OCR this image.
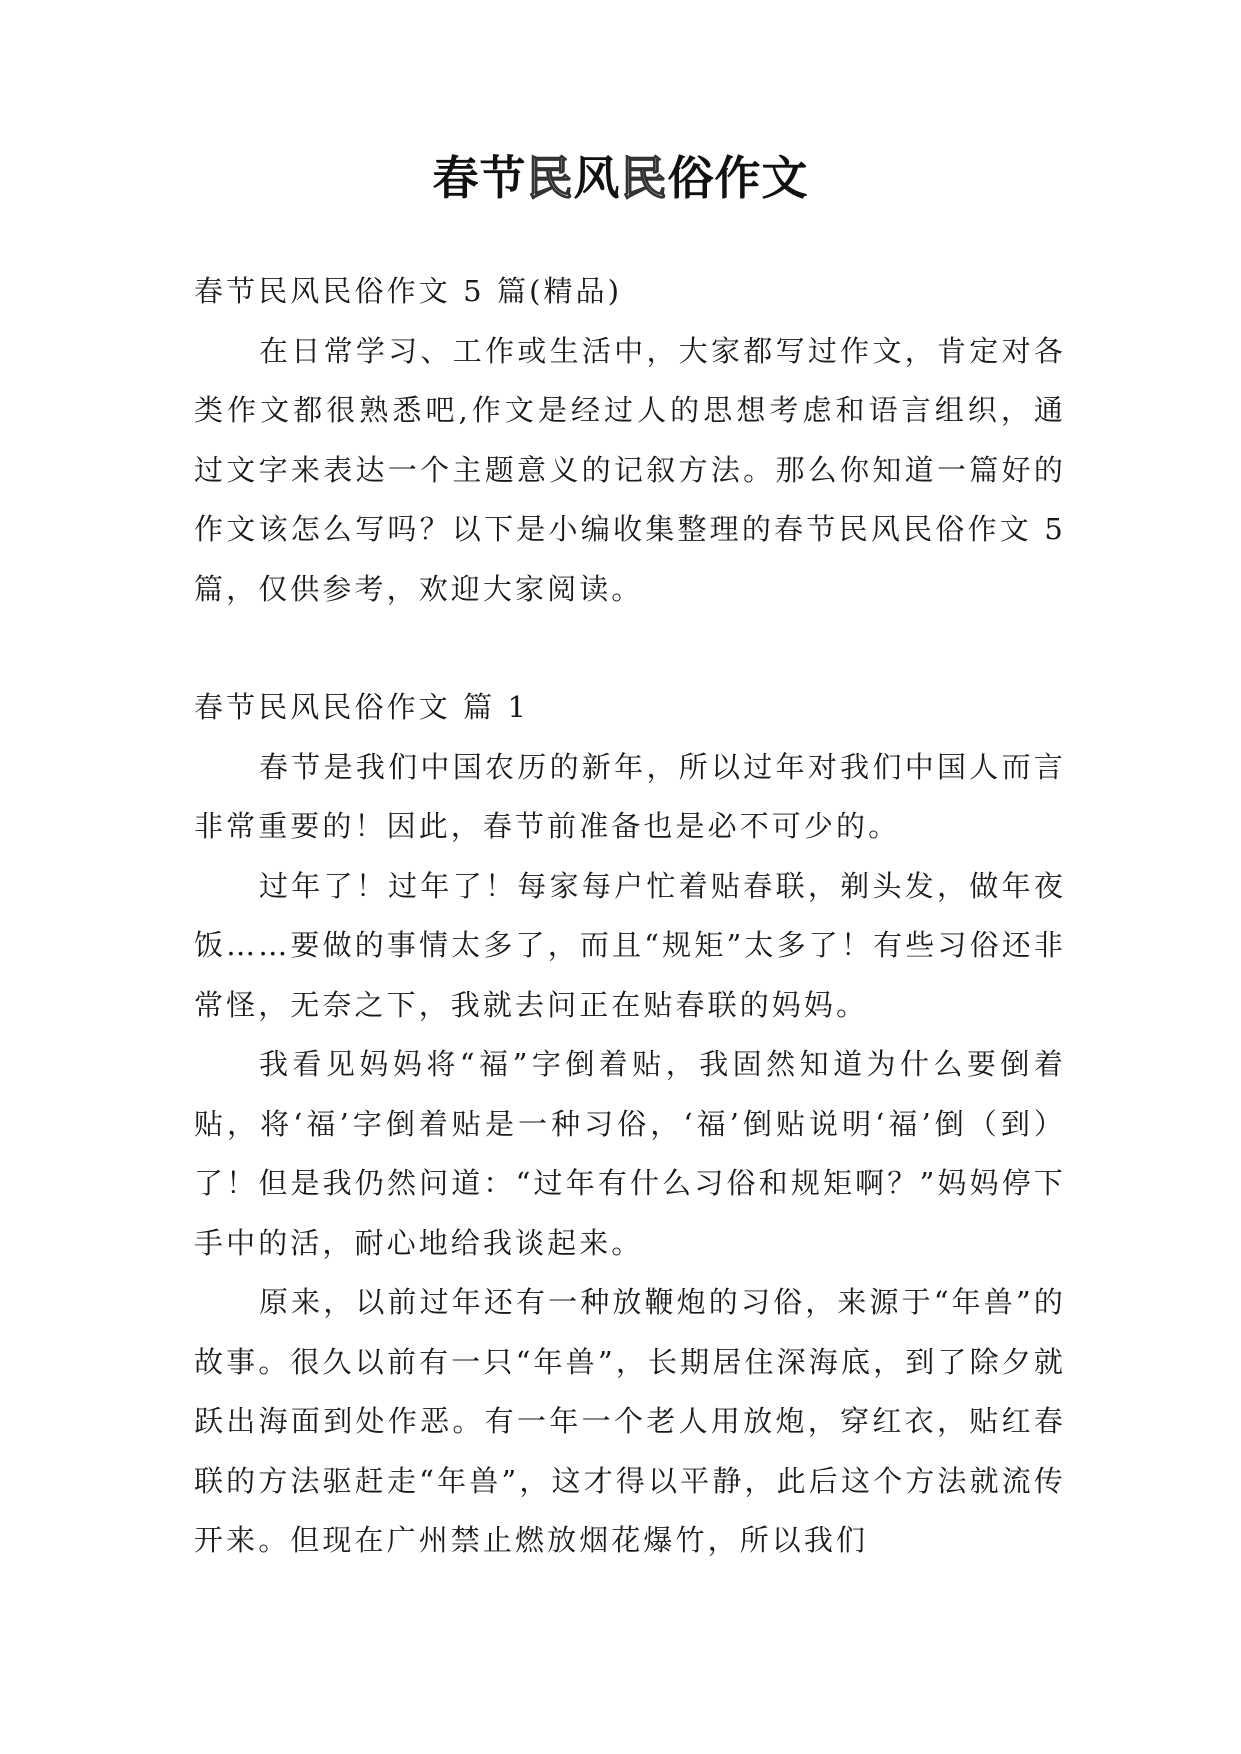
春节民风民俗作文

春节民风民俗作文 5 篇(精品)

在日常学习、工作或生活中，大家都写过作文，肯定对各类作文都很熟悉吧,作文是经过人的思想考虑和语言组织，通过文字来表达一个主题意义的记叙方法。那么你知道一篇好的作文该怎么写吗？以下是小编收集整理的春节民风民俗作文 5 篇，仅供参考，欢迎大家阅读。

春节民风民俗作文 篇 1

春节是我们中国农历的新年，所以过年对我们中国人而言非常重要的！因此，春节前准备也是必不可少的。

过年了！过年了！每家每户忙着贴春联，剃头发，做年夜饭……要做的事情太多了，而且“规矩”太多了！有些习俗还非常怪，无奈之下，我就去问正在贴春联的妈妈。

我看见妈妈将“福”字倒着贴，我固然知道为什么要倒着贴，将‘福’字倒着贴是一种习俗，‘福’倒贴说明‘福’倒（到）了！但是我仍然问道：“过年有什么习俗和规矩啊？”妈妈停下手中的活，耐心地给我谈起来。

原来，以前过年还有一种放鞭炮的习俗，来源于“年兽”的故事。很久以前有一只“年兽”，长期居住深海底，到了除夕就跃出海面到处作恶。有一年一个老人用放炮，穿红衣，贴红春联的方法驱赶走“年兽”，这才得以平静，此后这个方法就流传开来。但现在广州禁止燃放烟花爆竹，所以我们
